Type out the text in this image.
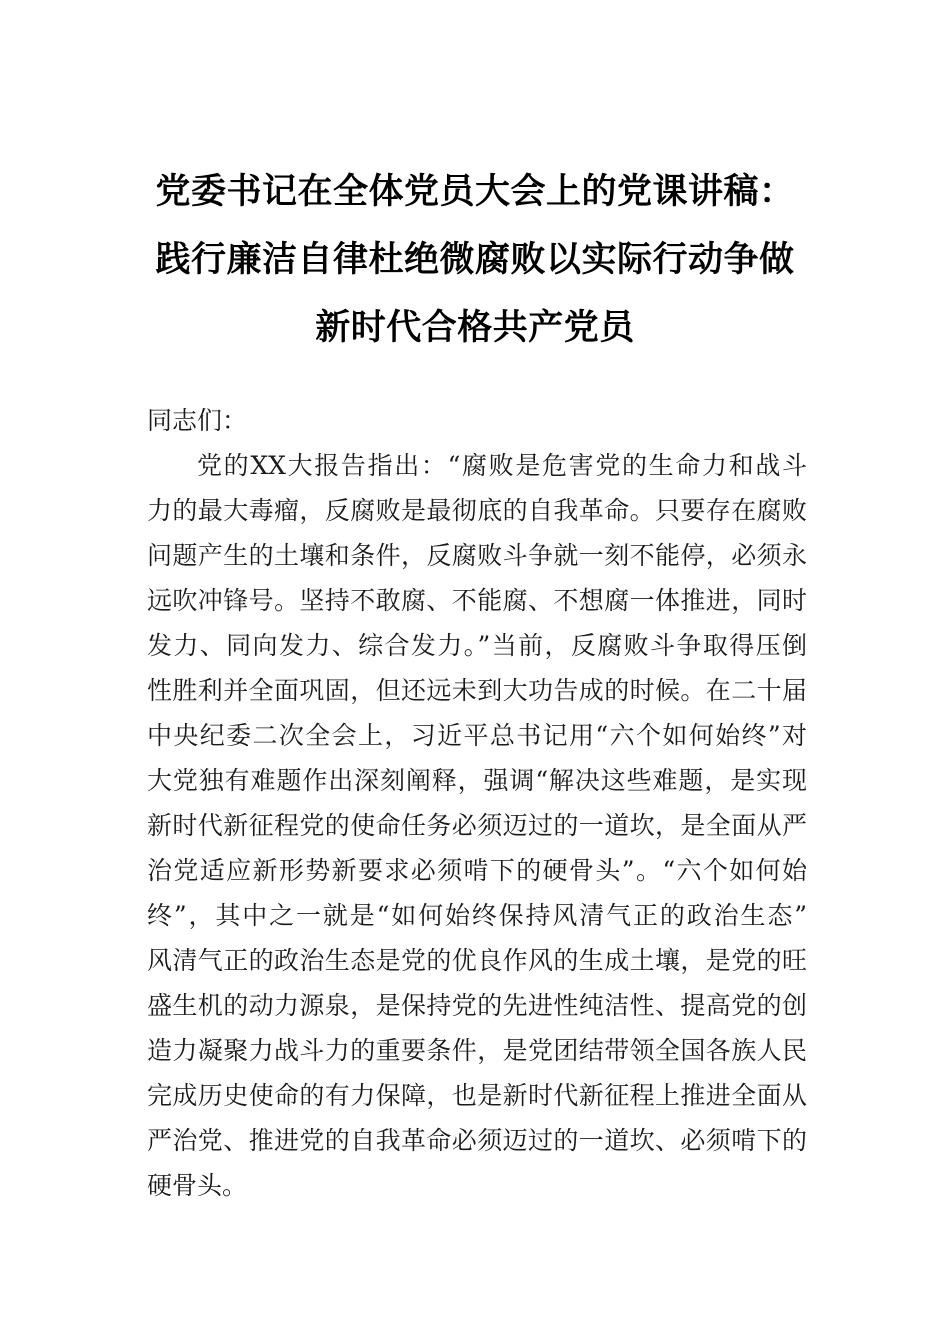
党委书记在全体党员大会上的党课讲稿：
践行廉洁自律杜绝微腐败以实际行动争做
新时代合格共产党员
同志们：
党的XX大报告指出：“腐败是危害党的生命力和战斗
力的最大毒瘤，反腐败是最彻底的自我革命。只要存在腐败
问题产生的土壤和条件，反腐败斗争就一刻不能停，必须永
远吹冲锋号。坚持不敢腐、不能腐、不想腐一体推进，同时
发力、同向发力、综合发力。”当前，反腐败斗争取得压倒
性胜利并全面巩固，但还远未到大功告成的时候。在二十届
中央纪委二次全会上，习近平总书记用“六个如何始终”对
大党独有难题作出深刻阐释，强调“解决这些难题，是实现
新时代新征程党的使命任务必须迈过的一道坎，是全面从严
治党适应新形势新要求必须啃下的硬骨头”。“六个如何始
终”，其中之一就是“如何始终保持风清气正的政治生态”
风清气正的政治生态是党的优良作风的生成土壤，是党的旺
盛生机的动力源泉，是保持党的先进性纯洁性、提高党的创
造力凝聚力战斗力的重要条件，是党团结带领全国各族人民
完成历史使命的有力保障，也是新时代新征程上推进全面从
严治党、推进党的自我革命必须迈过的一道坎、必须啃下的
硬骨头。
